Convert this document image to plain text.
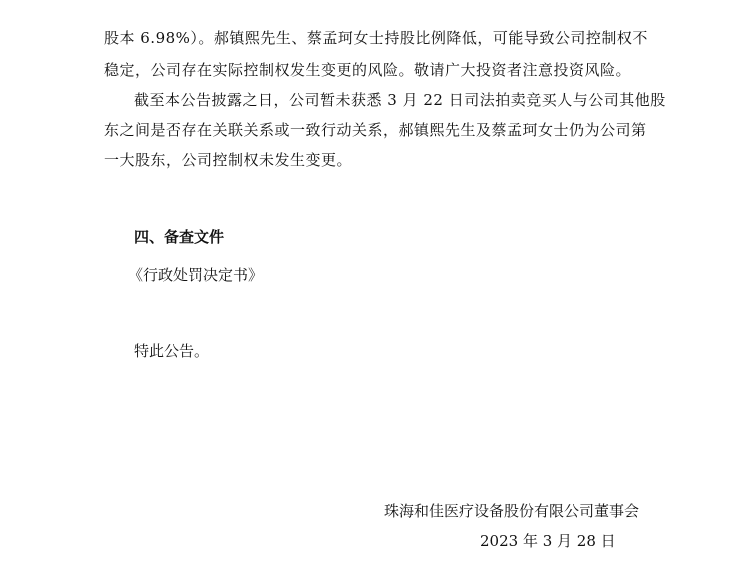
股本 6.98%）。郝镇熙先生、蔡孟珂女士持股比例降低，可能导致公司控制权不
稳定，公司存在实际控制权发生变更的风险。敬请广大投资者注意投资风险。
截至本公告披露之日，公司暂未获悉 3 月 22 日司法拍卖竞买人与公司其他股
东之间是否存在关联关系或一致行动关系，郝镇熙先生及蔡孟珂女士仍为公司第
一大股东，公司控制权未发生变更。
四、备查文件
《行政处罚决定书》
特此公告。
珠海和佳医疗设备股份有限公司董事会
2023 年 3 月 28 日
